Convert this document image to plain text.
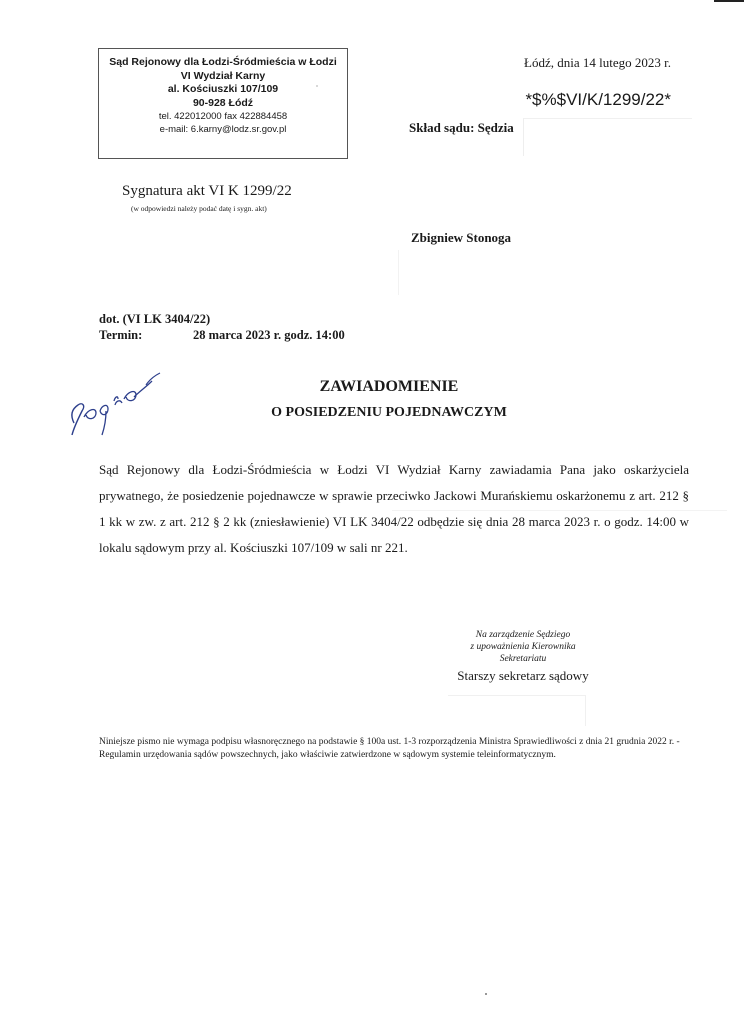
Sąd Rejonowy dla Łodzi-Śródmieścia w Łodzi
VI Wydział Karny
al. Kościuszki 107/109
90-928 Łódź
tel. 422012000 fax 422884458
e-mail: 6.karny@lodz.sr.gov.pl
Łódź, dnia 14 lutego 2023 r.
*$%$VI/K/1299/22*
Skład sądu: Sędzia
Sygnatura akt VI K 1299/22
(w odpowiedzi należy podać datę i sygn. akt)
Zbigniew Stonoga
dot. (VI LK 3404/22)
Termin:	28 marca 2023 r. godz. 14:00
ZAWIADOMIENIE
O POSIEDZENIU POJEDNAWCZYM
Sąd Rejonowy dla Łodzi-Śródmieścia w Łodzi VI Wydział Karny zawiadamia Pana jako oskarżyciela prywatnego, że posiedzenie pojednawcze w sprawie przeciwko Jackowi Murańskiemu oskarżonemu z art. 212 § 1 kk w zw. z art. 212 § 2 kk (zniesławienie) VI LK 3404/22 odbędzie się dnia 28 marca 2023 r. o godz. 14:00 w lokalu sądowym przy al. Kościuszki 107/109 w sali nr 221.
Na zarządzenie Sędziego
z upoważnienia Kierownika
Sekretariatu
Starszy sekretarz sądowy
Niniejsze pismo nie wymaga podpisu własnoręcznego na podstawie § 100a ust. 1-3 rozporządzenia Ministra Sprawiedliwości z dnia 21 grudnia 2022 r. - Regulamin urzędowania sądów powszechnych, jako właściwie zatwierdzone w sądowym systemie teleinformatycznym.
